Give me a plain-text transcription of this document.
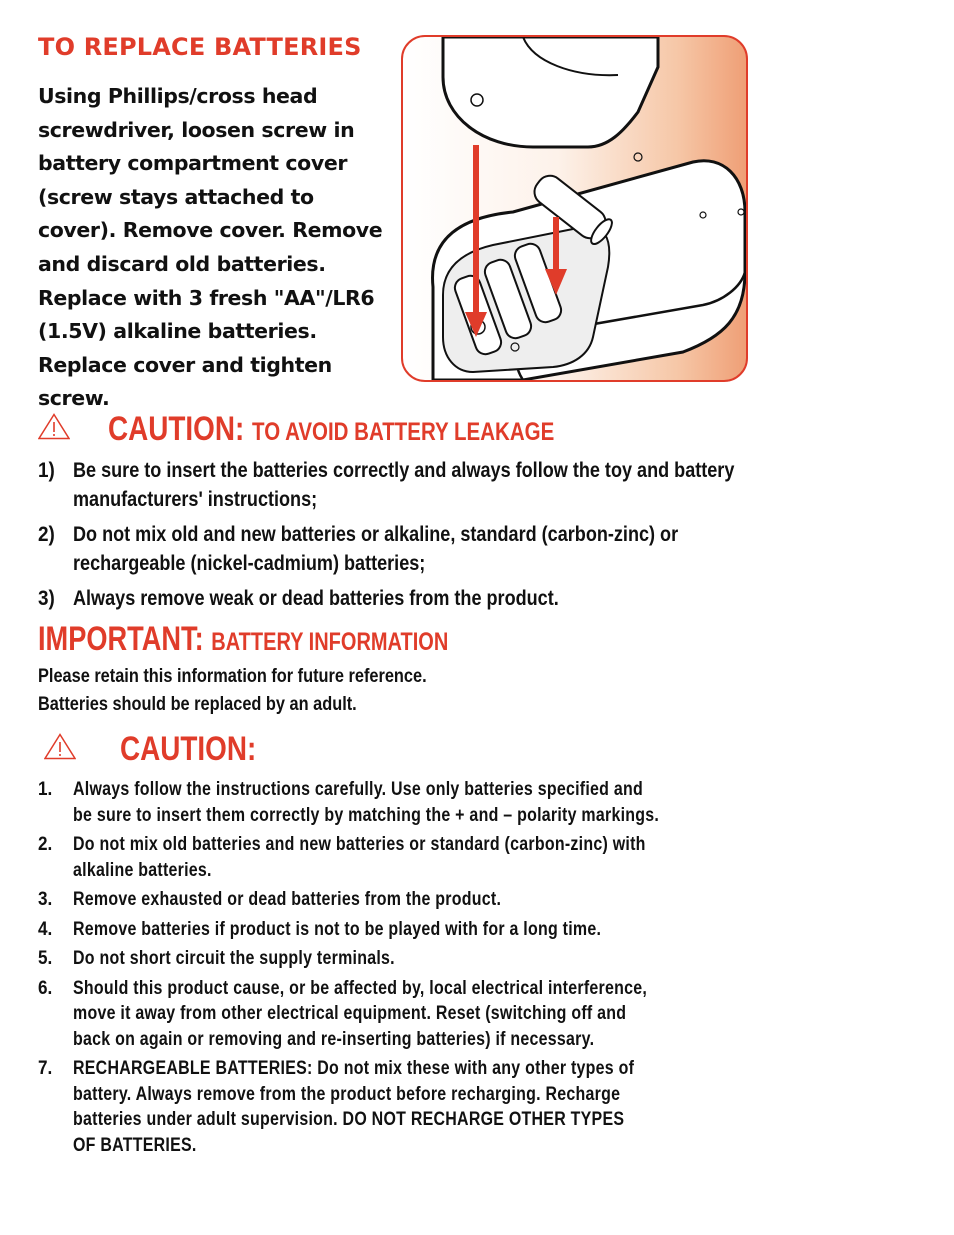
TO REPLACE BATTERIES

Using Phillips/cross head screwdriver, loosen screw in battery compartment cover (screw stays attached to cover). Remove cover. Remove and discard old batteries. Replace with 3 fresh "AA"/LR6 (1.5V) alkaline batteries. Replace cover and tighten screw.

CAUTION: TO AVOID BATTERY LEAKAGE
1) Be sure to insert the batteries correctly and always follow the toy and battery manufacturers' instructions;
2) Do not mix old and new batteries or alkaline, standard (carbon-zinc) or rechargeable (nickel-cadmium) batteries;
3) Always remove weak or dead batteries from the product.
IMPORTANT: BATTERY INFORMATION
Please retain this information for future reference.
Batteries should be replaced by an adult.
CAUTION:
1. Always follow the instructions carefully. Use only batteries specified and
be sure to insert them correctly by matching the + and – polarity markings.
2. Do not mix old batteries and new batteries or standard (carbon-zinc) with
alkaline batteries.
3. Remove exhausted or dead batteries from the product.
4. Remove batteries if product is not to be played with for a long time.
5. Do not short circuit the supply terminals.
6. Should this product cause, or be affected by, local electrical interference,
move it away from other electrical equipment. Reset (switching off and
back on again or removing and re-inserting batteries) if necessary.
7. RECHARGEABLE BATTERIES: Do not mix these with any other types of
battery. Always remove from the product before recharging. Recharge
batteries under adult supervision. DO NOT RECHARGE OTHER TYPES
OF BATTERIES.
